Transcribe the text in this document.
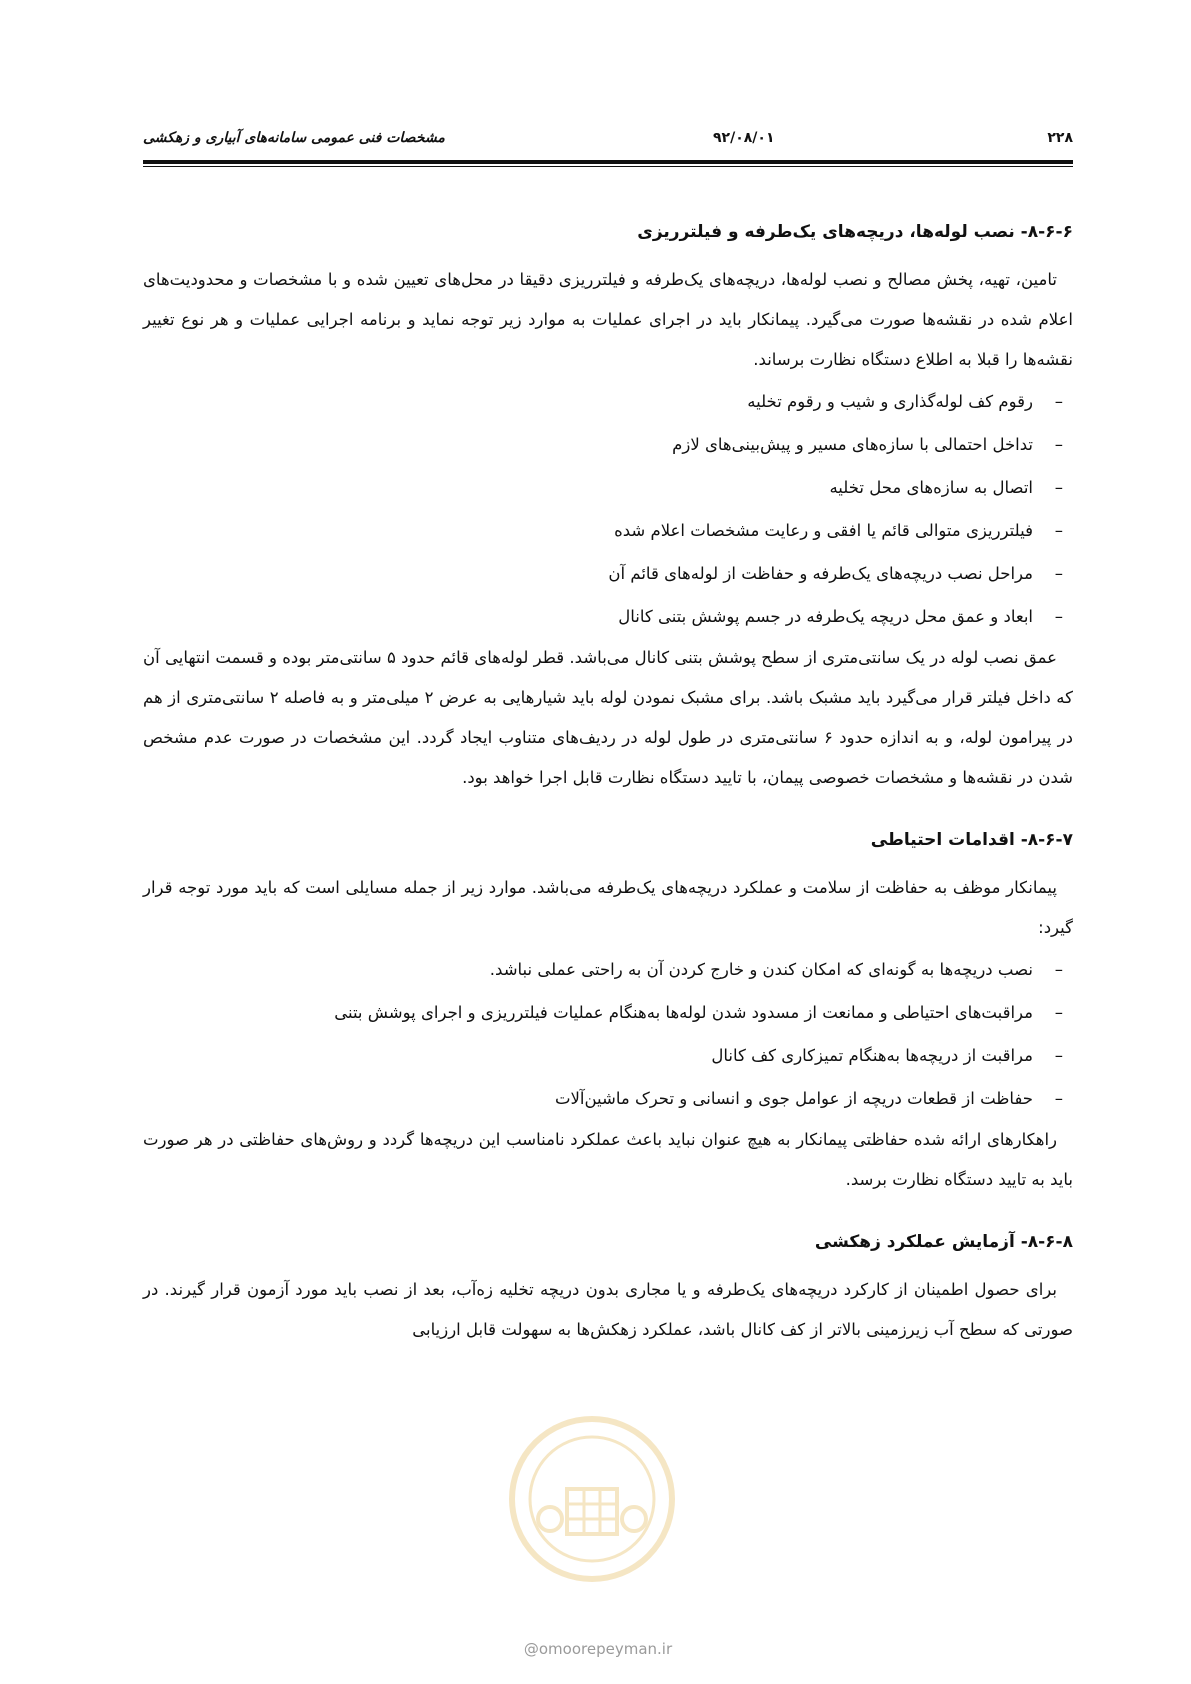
۲۲۸
۹۲/۰۸/۰۱
مشخصات فنی عمومی سامانه‌های آبیاری و زهکشی
۸-۶-۶- نصب لوله‌ها، دریچه‌های یک‌طرفه و فیلترریزی

تامین، تهیه، پخش مصالح و نصب لوله‌ها، دریچه‌های یک‌طرفه و فیلترریزی دقیقا در محل‌های تعیین شده و با مشخصات و محدودیت‌های اعلام شده در نقشه‌ها صورت می‌گیرد. پیمانکار باید در اجرای عملیات به موارد زیر توجه نماید و برنامه اجرایی عملیات و هر نوع تغییر نقشه‌ها را قبلا به اطلاع دستگاه نظارت برساند.

–رقوم کف لوله‌گذاری و شیب و رقوم تخلیه
–تداخل احتمالی با سازه‌های مسیر و پیش‌بینی‌های لازم
–اتصال به سازه‌های محل تخلیه
–فیلترریزی متوالی قائم یا افقی و رعایت مشخصات اعلام شده
–مراحل نصب دریچه‌های یک‌طرفه و حفاظت از لوله‌های قائم آن
–ابعاد و عمق محل دریچه یک‌طرفه در جسم پوشش بتنی کانال

عمق نصب لوله در یک سانتی‌متری از سطح پوشش بتنی کانال می‌باشد. قطر لوله‌های قائم حدود ۵ سانتی‌متر بوده و قسمت انتهایی آن که داخل فیلتر قرار می‌گیرد باید مشبک باشد. برای مشبک نمودن لوله باید شیارهایی به عرض ۲ میلی‌متر و به فاصله ۲ سانتی‌متری از هم در پیرامون لوله، و به اندازه حدود ۶ سانتی‌متری در طول لوله در ردیف‌های متناوب ایجاد گردد. این مشخصات در صورت عدم مشخص شدن در نقشه‌ها و مشخصات خصوصی پیمان، با تایید دستگاه نظارت قابل اجرا خواهد بود.

۸-۶-۷- اقدامات احتیاطی

پیمانکار موظف به حفاظت از سلامت و عملکرد دریچه‌های یک‌طرفه می‌باشد. موارد زیر از جمله مسایلی است که باید مورد توجه قرار گیرد:

–نصب دریچه‌ها به گونه‌ای که امکان کندن و خارج کردن آن به راحتی عملی نباشد.
–مراقبت‌های احتیاطی و ممانعت از مسدود شدن لوله‌ها به‌هنگام عملیات فیلترریزی و اجرای پوشش بتنی
–مراقبت از دریچه‌ها به‌هنگام تمیزکاری کف کانال
–حفاظت از قطعات دریچه از عوامل جوی و انسانی و تحرک ماشین‌آلات

راهکارهای ارائه شده حفاظتی پیمانکار به هیچ عنوان نباید باعث عملکرد نامناسب این دریچه‌ها گردد و روش‌های حفاظتی در هر صورت باید به تایید دستگاه نظارت برسد.

۸-۶-۸- آزمایش عملکرد زهکشی

برای حصول اطمینان از کارکرد دریچه‌های یک‌طرفه و یا مجاری بدون دریچه تخلیه زه‌آب، بعد از نصب باید مورد آزمون قرار گیرند. در صورتی که سطح آب زیرزمینی بالاتر از کف کانال باشد، عملکرد زهکش‌ها به سهولت قابل ارزیابی

@omoorepeyman.ir
